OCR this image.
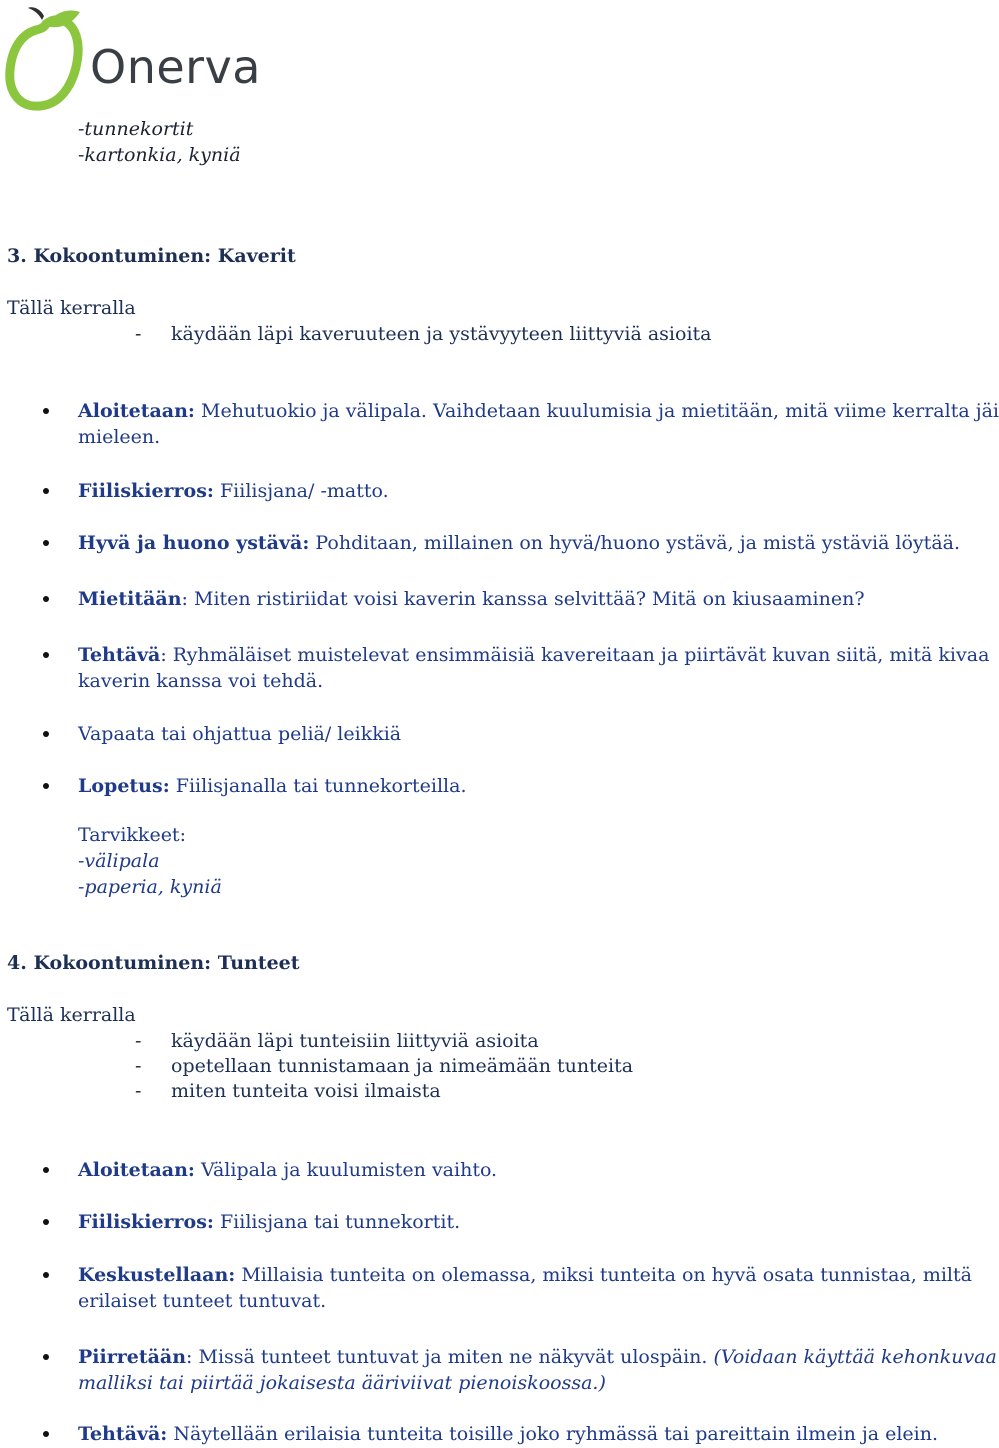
Onerva
-tunnekortit
-kartonkia, kyniä
3. Kokoontuminen: Kaverit
Tällä kerralla
- käydään läpi kaveruuteen ja ystävyyteen liittyviä asioita
Aloitetaan: Mehutuokio ja välipala. Vaihdetaan kuulumisia ja mietitään, mitä viime kerralta jäi
mieleen.
Fiiliskierros: Fiilisjana/ -matto.
Hyvä ja huono ystävä: Pohditaan, millainen on hyvä/huono ystävä, ja mistä ystäviä löytää.
Mietitään: Miten ristiriidat voisi kaverin kanssa selvittää? Mitä on kiusaaminen?
Tehtävä: Ryhmäläiset muistelevat ensimmäisiä kavereitaan ja piirtävät kuvan siitä, mitä kivaa
kaverin kanssa voi tehdä.
Vapaata tai ohjattua peliä/ leikkiä
Lopetus: Fiilisjanalla tai tunnekorteilla.
Tarvikkeet:
-välipala
-paperia, kyniä
4. Kokoontuminen: Tunteet
Tällä kerralla
- käydään läpi tunteisiin liittyviä asioita
- opetellaan tunnistamaan ja nimeämään tunteita
- miten tunteita voisi ilmaista
Aloitetaan: Välipala ja kuulumisten vaihto.
Fiiliskierros: Fiilisjana tai tunnekortit.
Keskustellaan: Millaisia tunteita on olemassa, miksi tunteita on hyvä osata tunnistaa, miltä
erilaiset tunteet tuntuvat.
Piirretään: Missä tunteet tuntuvat ja miten ne näkyvät ulospäin. (Voidaan käyttää kehonkuvaa
malliksi tai piirtää jokaisesta ääriviivat pienoiskoossa.)
Tehtävä: Näytellään erilaisia tunteita toisille joko ryhmässä tai pareittain ilmein ja elein.
